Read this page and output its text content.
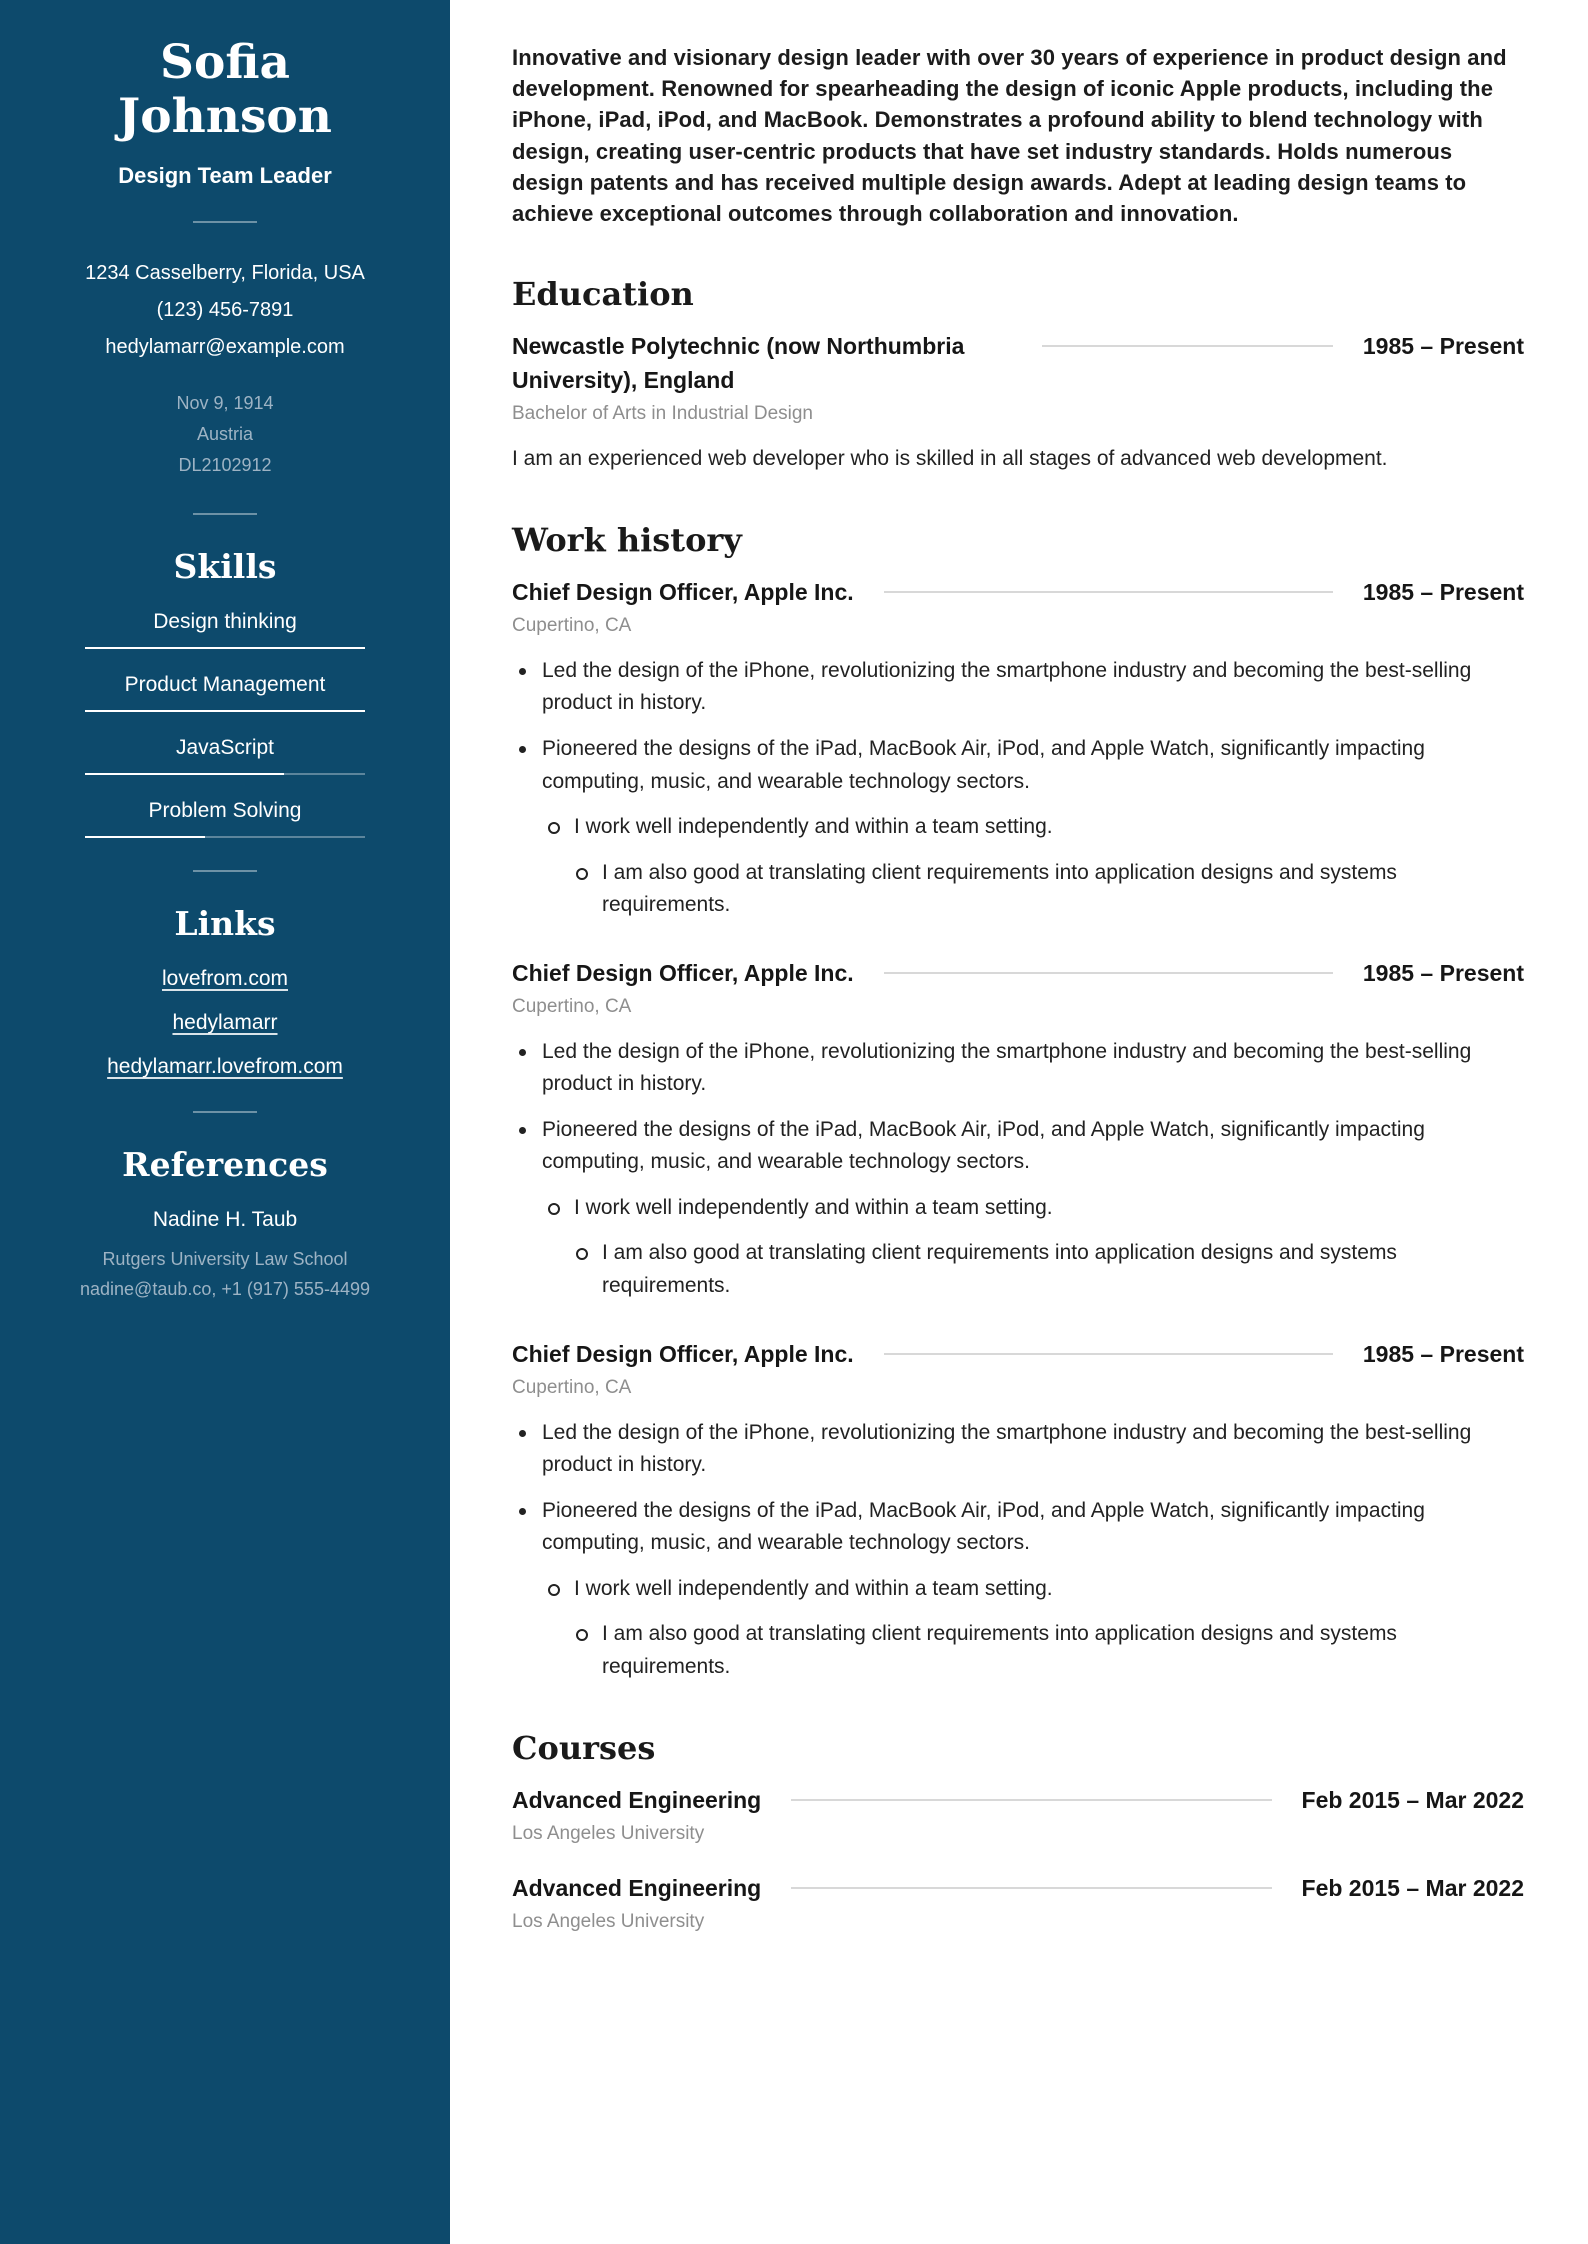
Sofia
Johnson
Design Team Leader
1234 Casselberry, Florida, USA
(123) 456-7891
hedylamarr@example.com
Nov 9, 1914
Austria
DL2102912
Skills
Design thinking
Product Management
JavaScript
Problem Solving
Links
lovefrom.com
hedylamarr
hedylamarr.lovefrom.com
References
Nadine H. Taub
Rutgers University Law School
nadine@taub.co, +1 (917) 555-4499

Innovative and visionary design leader with over 30 years of experience in product design and development. Renowned for spearheading the design of iconic Apple products, including the iPhone, iPad, iPod, and MacBook. Demonstrates a profound ability to blend technology with design, creating user-centric products that have set industry standards. Holds numerous design patents and has received multiple design awards. Adept at leading design teams to achieve exceptional outcomes through collaboration and innovation.

Education
Newcastle Polytechnic (now Northumbria University), England
1985 – Present
Bachelor of Arts in Industrial Design
I am an experienced web developer who is skilled in all stages of advanced web development.
Work history
Chief Design Officer, Apple Inc.	1985 – Present
Cupertino, CA
Led the design of the iPhone, revolutionizing the smartphone industry and becoming the best-selling product in history.
Pioneered the designs of the iPad, MacBook Air, iPod, and Apple Watch, significantly impacting computing, music, and wearable technology sectors.
I work well independently and within a team setting.
I am also good at translating client requirements into application designs and systems requirements.
Chief Design Officer, Apple Inc.	1985 – Present
Cupertino, CA
Led the design of the iPhone, revolutionizing the smartphone industry and becoming the best-selling product in history.
Pioneered the designs of the iPad, MacBook Air, iPod, and Apple Watch, significantly impacting computing, music, and wearable technology sectors.
I work well independently and within a team setting.
I am also good at translating client requirements into application designs and systems requirements.
Chief Design Officer, Apple Inc.	1985 – Present
Cupertino, CA
Led the design of the iPhone, revolutionizing the smartphone industry and becoming the best-selling product in history.
Pioneered the designs of the iPad, MacBook Air, iPod, and Apple Watch, significantly impacting computing, music, and wearable technology sectors.
I work well independently and within a team setting.
I am also good at translating client requirements into application designs and systems requirements.
Courses
Advanced Engineering	Feb 2015 – Mar 2022
Los Angeles University
Advanced Engineering	Feb 2015 – Mar 2022
Los Angeles University
